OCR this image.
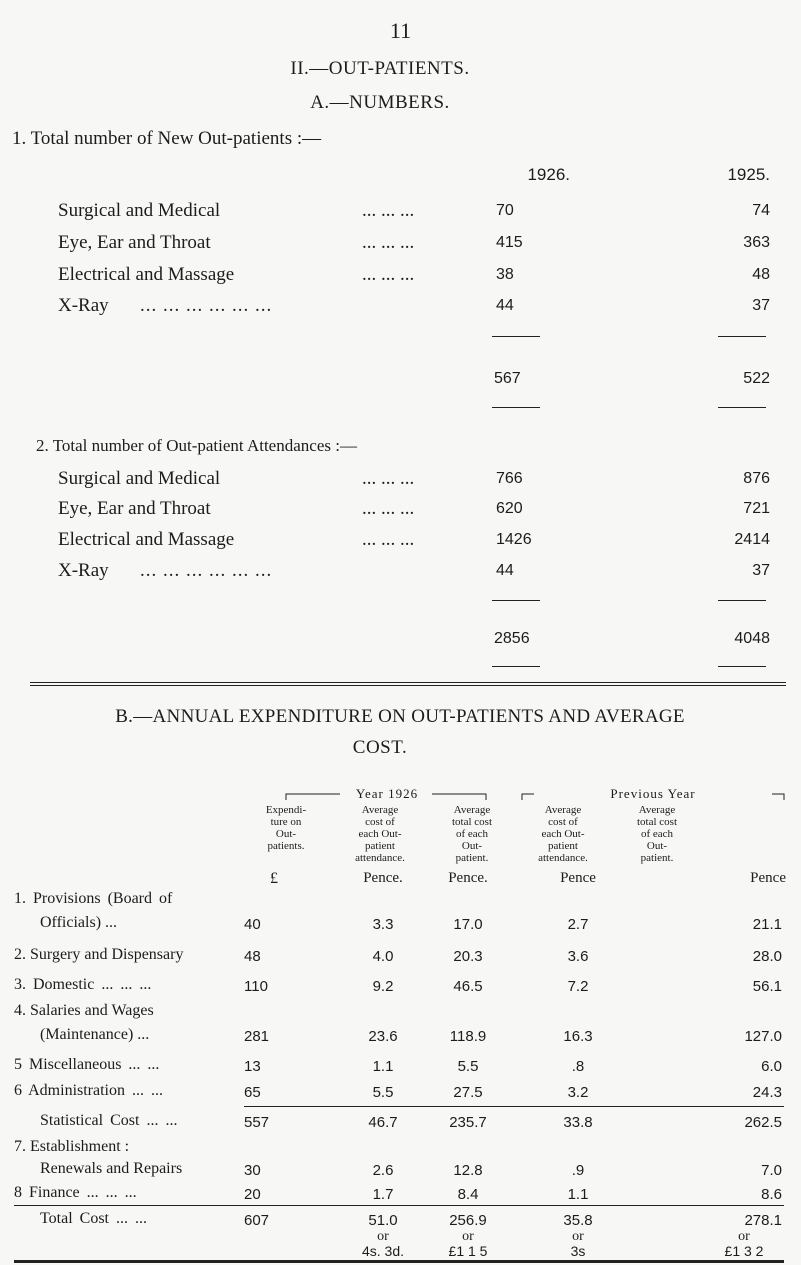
11
II.—OUT-PATIENTS.
A.—NUMBERS.
1. Total number of New Out-patients :—
1926.	1925.
Surgical and Medical	... ... ...	70	74
Eye, Ear and Throat	... ... ...	415	363
Electrical and Massage	... ... ...	38	48
X-Ray ... ... ... ... ... ...	44	37
567	522
2. Total number of Out-patient Attendances :—
Surgical and Medical	... ... ...	766	876
Eye, Ear and Throat	... ... ...	620	721
Electrical and Massage	... ... ...	1426	2414
X-Ray ... ... ... ... ... ...	44	37
2856	4048
B.—ANNUAL EXPENDITURE ON OUT-PATIENTS AND AVERAGE
COST.
Year 1926	Previous Year
Expendi-
ture on
Out-
patients.
Average
cost of
each Out-
patient
attendance.
Average
total cost
of each
Out-
patient.
Average
cost of
each Out-
patient
attendance.
Average
total cost
of each
Out-
patient.
£	Pence.	Pence.	Pence	Pence
1. Provisions (Board of
Officials) ...	40	3.3	17.0	2.7	21.1
2. Surgery and Dispensary	48	4.0	20.3	3.6	28.0
3. Domestic ... ... ...	110	9.2	46.5	7.2	56.1
4. Salaries and Wages
(Maintenance) ...	281	23.6	118.9	16.3	127.0
5 Miscellaneous ... ...	13	1.1	5.5	.8	6.0
6 Administration ... ...	65	5.5	27.5	3.2	24.3
Statistical Cost ... ...	557	46.7	235.7	33.8	262.5
7. Establishment :
Renewals and Repairs	30	2.6	12.8	.9	7.0
8 Finance ... ... ...	20	1.7	8.4	1.1	8.6
Total Cost ... ...	607	51.0	256.9	35.8	278.1
or	or	or	or
4s. 3d.	£1 1 5	3s	£1 3 2
